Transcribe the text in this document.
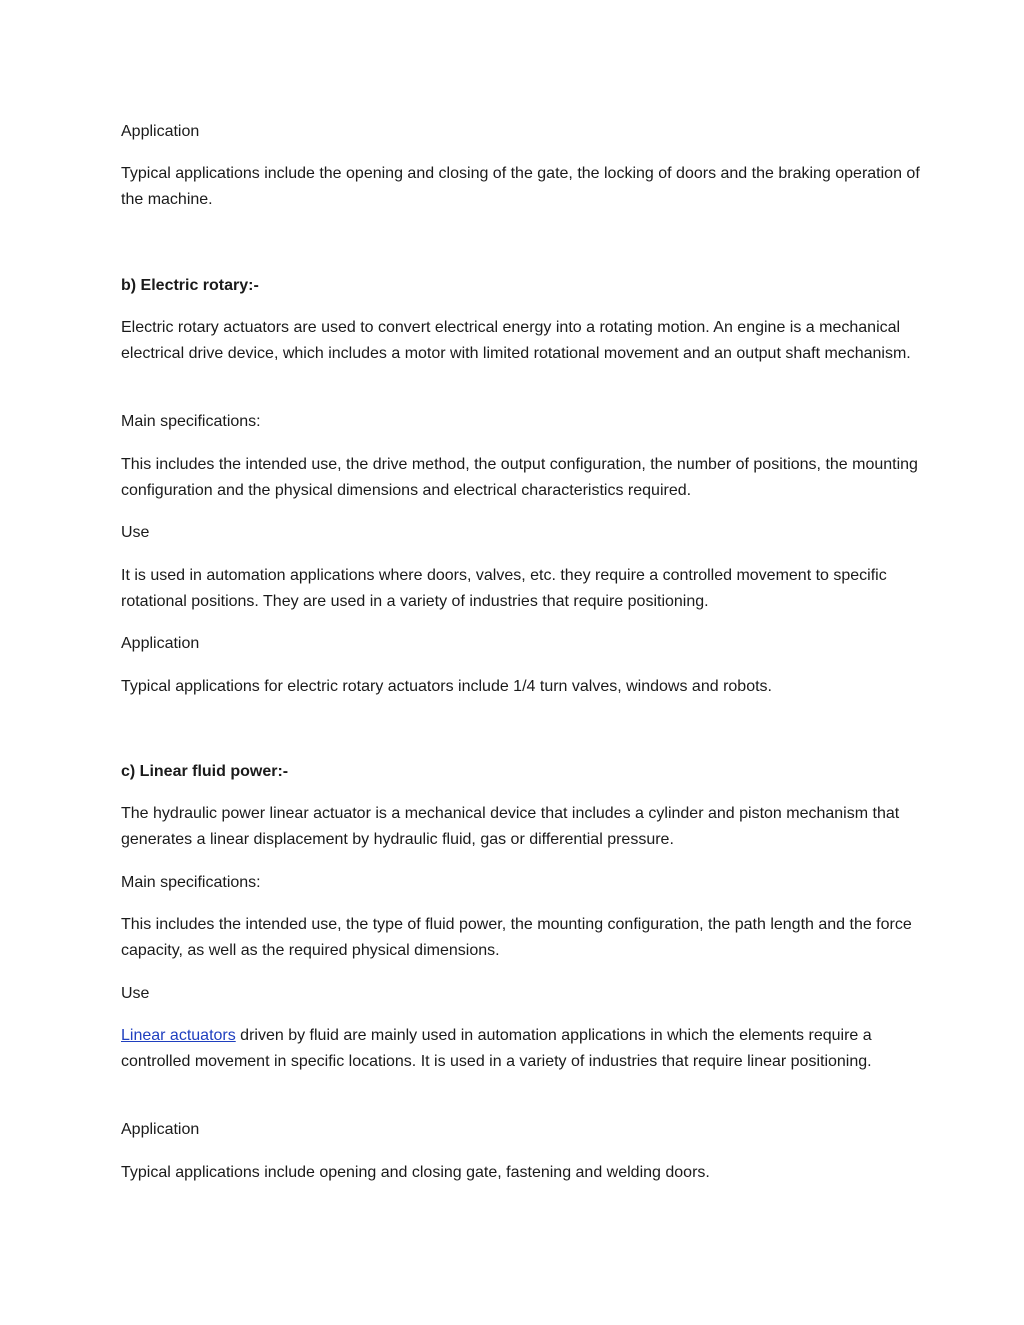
Application

Typical applications include the opening and closing of the gate, the locking of doors and the braking operation of the machine.

b) Electric rotary:-

Electric rotary actuators are used to convert electrical energy into a rotating motion. An engine is a mechanical electrical drive device, which includes a motor with limited rotational movement and an output shaft mechanism.

Main specifications:

This includes the intended use, the drive method, the output configuration, the number of positions, the mounting configuration and the physical dimensions and electrical characteristics required.

Use

It is used in automation applications where doors, valves, etc. they require a controlled movement to specific rotational positions. They are used in a variety of industries that require positioning.

Application

Typical applications for electric rotary actuators include 1/4 turn valves, windows and robots.

c) Linear fluid power:-

The hydraulic power linear actuator is a mechanical device that includes a cylinder and piston mechanism that generates a linear displacement by hydraulic fluid, gas or differential pressure.

Main specifications:

This includes the intended use, the type of fluid power, the mounting configuration, the path length and the force capacity, as well as the required physical dimensions.

Use

Linear actuators driven by fluid are mainly used in automation applications in which the elements require a controlled movement in specific locations. It is used in a variety of industries that require linear positioning.

Application

Typical applications include opening and closing gate, fastening and welding doors.
